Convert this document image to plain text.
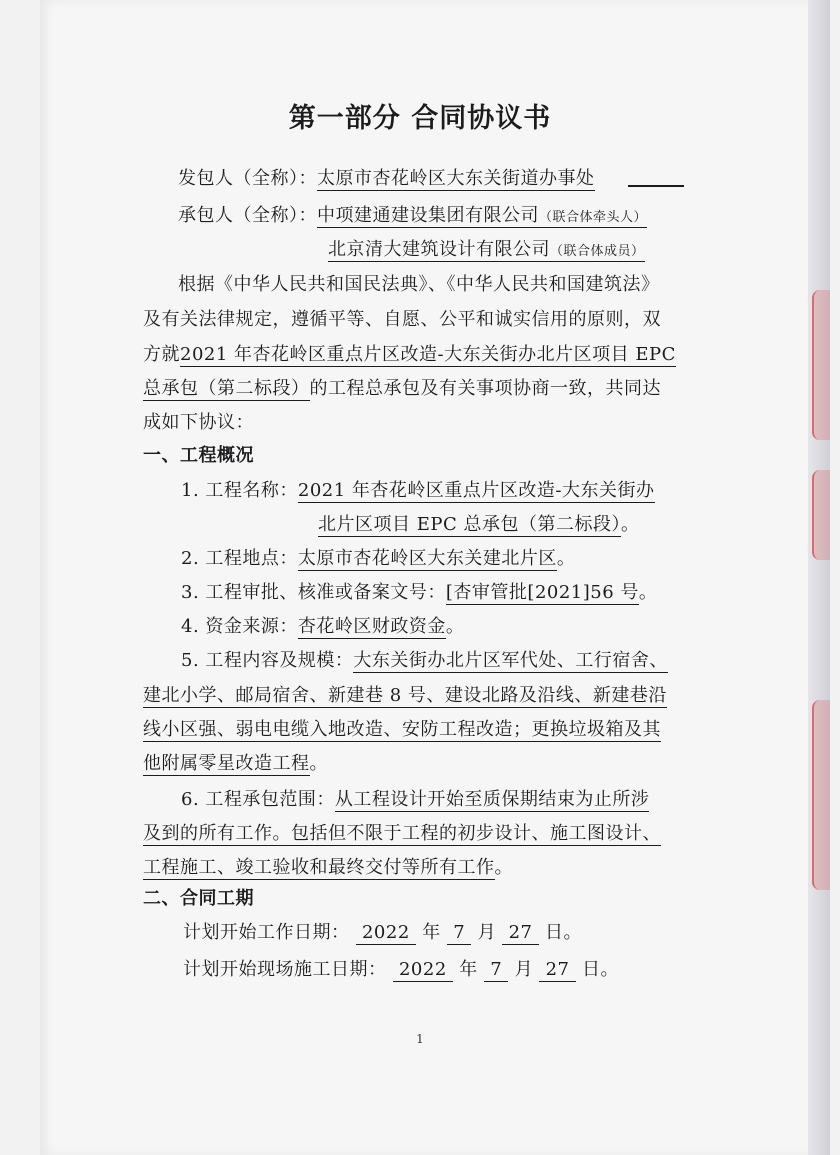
第一部分 合同协议书
发包人（全称）：太原市杏花岭区大东关街道办事处
承包人（全称）：中项建通建设集团有限公司（联合体牵头人）
北京清大建筑设计有限公司（联合体成员）
根据《中华人民共和国民法典》、《中华人民共和国建筑法》
及有关法律规定，遵循平等、自愿、公平和诚实信用的原则，双
方就2021 年杏花岭区重点片区改造-大东关街办北片区项目 EPC
总承包（第二标段）的工程总承包及有关事项协商一致，共同达
成如下协议：
一、工程概况
1. 工程名称：2021 年杏花岭区重点片区改造-大东关街办
北片区项目 EPC 总承包（第二标段）。
2. 工程地点：太原市杏花岭区大东关建北片区。
3. 工程审批、核准或备案文号：[杏审管批[2021]56 号。
4. 资金来源：杏花岭区财政资金。
5. 工程内容及规模：大东关街办北片区军代处、工行宿舍、
建北小学、邮局宿舍、新建巷 8 号、建设北路及沿线、新建巷沿
线小区强、弱电电缆入地改造、安防工程改造；更换垃圾箱及其
他附属零星改造工程。
6. 工程承包范围：从工程设计开始至质保期结束为止所涉
及到的所有工作。包括但不限于工程的初步设计、施工图设计、
工程施工、竣工验收和最终交付等所有工作。
二、合同工期
计划开始工作日期： 2022 年 7 月 27 日。
计划开始现场施工日期： 2022 年 7 月 27 日。
1
